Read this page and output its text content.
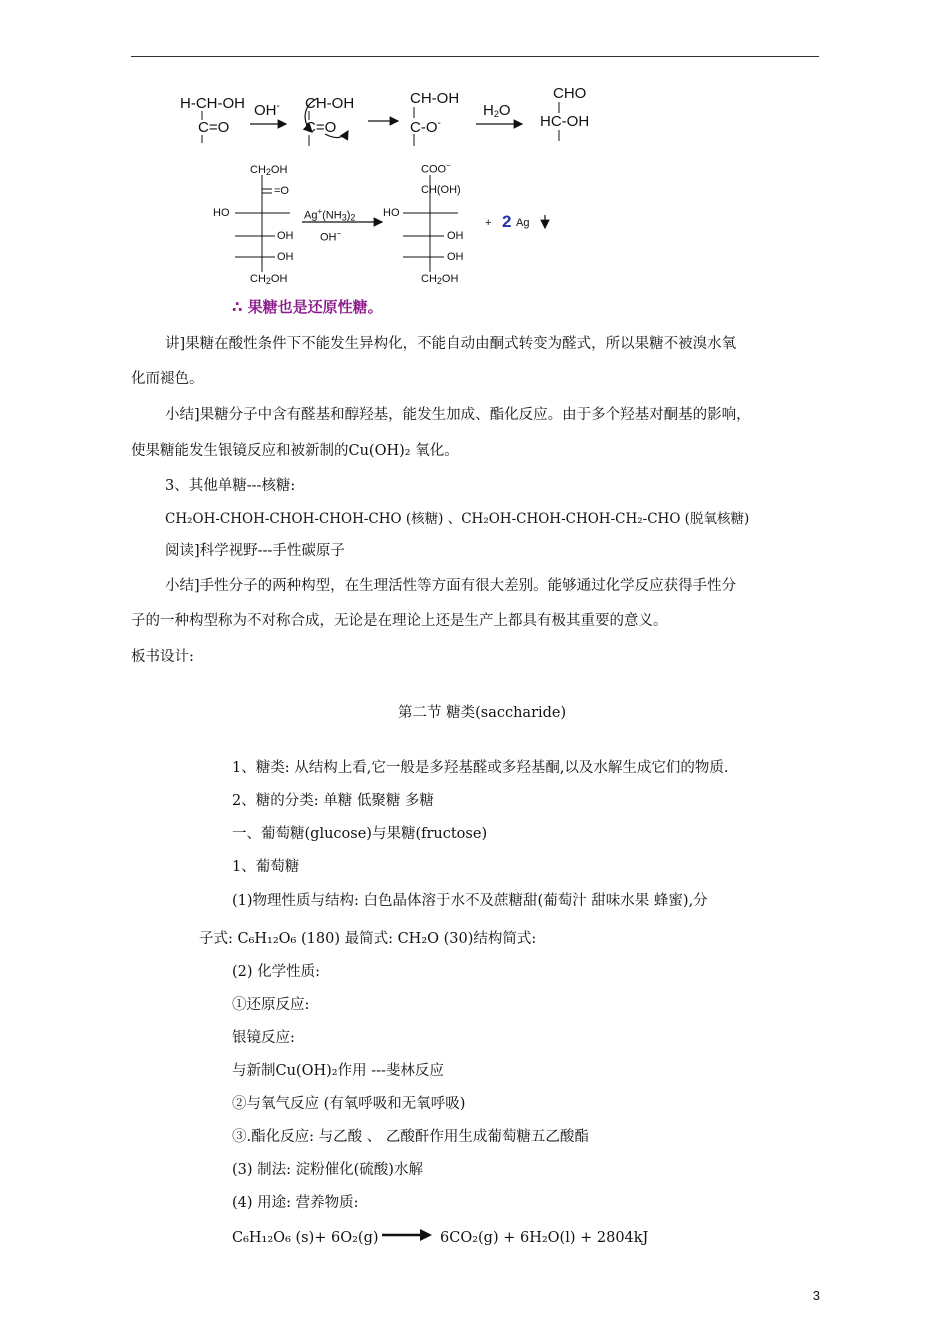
H-CH-OH
C=O
OH- CH-OH
C=O
CH-OH
C-O-
$H_2O$
CHO
HC-OH
$CH_2OH$
=O
HO
OH
OH
$CH_2OH$
$Ag^+(NH_3)_2$
OH−
COO−
CH(OH)
HO
OH
OH
$CH_2OH$
+ 2 Ag
∴ 果糖也是还原性糖。
讲]果糖在酸性条件下不能发生异构化，不能自动由酮式转变为醛式，所以果糖不被溴水氧
化而褪色。
小结]果糖分子中含有醛基和醇羟基，能发生加成、酯化反应。由于多个羟基对酮基的影响，
使果糖能发生银镜反应和被新制的Cu(OH)₂ 氧化。
3、其他单糖---核糖:
CH₂OH-CHOH-CHOH-CHOH-CHO (核糖) 、CH₂OH-CHOH-CHOH-CH₂-CHO (脱氧核糖)
阅读]科学视野---手性碳原子
小结]手性分子的两种构型，在生理活性等方面有很大差别。能够通过化学反应获得手性分
子的一种构型称为不对称合成，无论是在理论上还是生产上都具有极其重要的意义。
板书设计:
第二节 糖类(saccharide)
1、糖类: 从结构上看,它一般是多羟基醛或多羟基酮,以及水解生成它们的物质.
2、糖的分类: 单糖 低聚糖 多糖
一、葡萄糖(glucose)与果糖(fructose)
1、葡萄糖
(1)物理性质与结构: 白色晶体溶于水不及蔗糖甜(葡萄汁 甜味水果 蜂蜜),分
子式: C₆H₁₂O₆ (180) 最简式: CH₂O (30)结构简式:
(2) 化学性质:
①还原反应:
银镜反应:
与新制Cu(OH)₂作用 ---斐林反应
②与氧气反应 (有氧呼吸和无氧呼吸)
③.酯化反应: 与乙酸 、 乙酸酐作用生成葡萄糖五乙酸酯
(3) 制法: 淀粉催化(硫酸)水解
(4) 用途: 营养物质:
C₆H₁₂O₆ (s)+ 6O₂(g)	6CO₂(g) + 6H₂O(l) + 2804kJ
3
